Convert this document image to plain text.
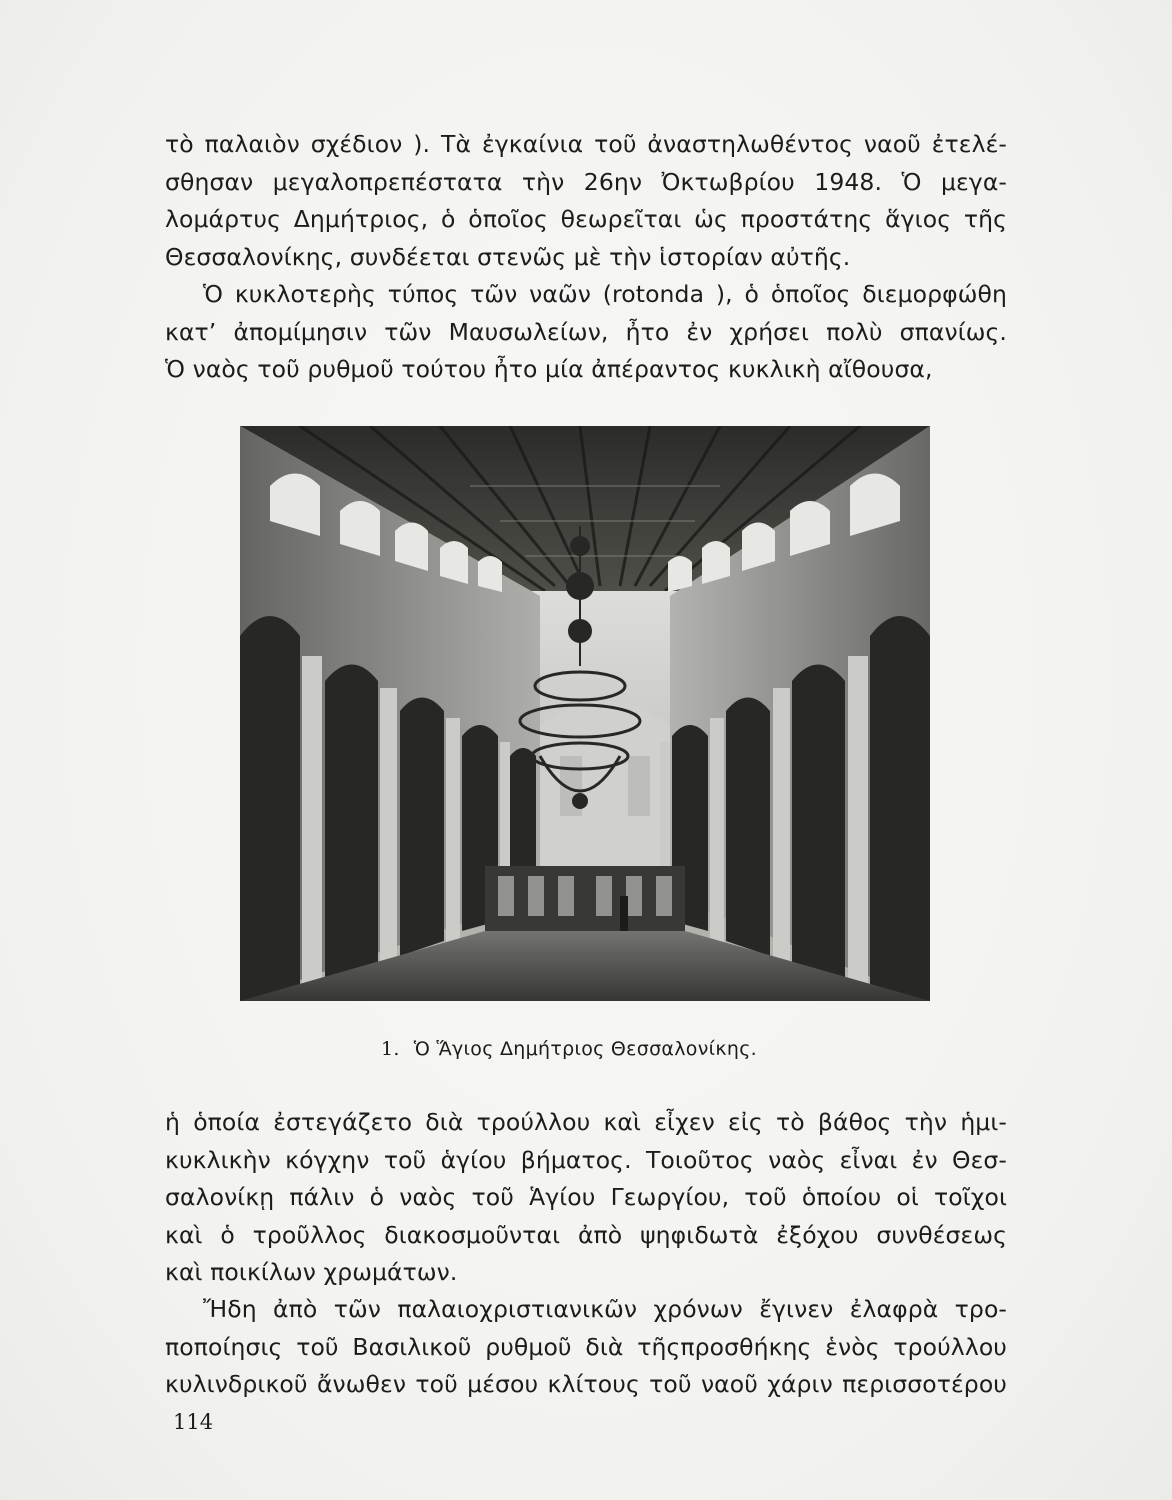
τὸ παλαιὸν σχέδιον ). Τὰ ἐγκαίνια τοῦ ἀναστηλωθέντος ναοῦ ἐτελέ-
σθησαν μεγαλοπρεπέστατα τὴν 26ην Ὀκτωβρίου 1948. Ὁ μεγα-
λομάρτυς Δημήτριος, ὁ ὁποῖος θεωρεῖται ὡς προστάτης ἅγιος τῆς
Θεσσαλονίκης, συνδέεται στενῶς μὲ τὴν ἱστορίαν αὐτῆς.

Ὁ κυκλοτερὴς τύπος τῶν ναῶν (rotonda ), ὁ ὁποῖος διεμορφώθη
κατ’ ἀπομίμησιν τῶν Μαυσωλείων, ἦτο ἐν χρήσει πολὺ σπανίως.
Ὁ ναὸς τοῦ ρυθμοῦ τούτου ἦτο μία ἀπέραντος κυκλικὴ αἴθουσα,

1. Ὁ Ἅγιος Δημήτριος Θεσσαλονίκης.

ἡ ὁποία ἐστεγάζετο διὰ τρούλλου καὶ εἶχεν εἰς τὸ βάθος τὴν ἡμι-
κυκλικὴν κόγχην τοῦ ἁγίου βήματος. Τοιοῦτος ναὸς εἶναι ἐν Θεσ-
σαλονίκῃ πάλιν ὁ ναὸς τοῦ Ἁγίου Γεωργίου, τοῦ ὁποίου οἱ τοῖχοι
καὶ ὁ τροῦλλος διακοσμοῦνται ἀπὸ ψηφιδωτὰ ἐξόχου συνθέσεως
καὶ ποικίλων χρωμάτων.

Ἤδη ἀπὸ τῶν παλαιοχριστιανικῶν χρόνων ἔγινεν ἐλαφρὰ τρο-
ποποίησις τοῦ Βασιλικοῦ ρυθμοῦ διὰ τῆςπροσθήκης ἑνὸς τρούλλου
κυλινδρικοῦ ἄνωθεν τοῦ μέσου κλίτους τοῦ ναοῦ χάριν περισσοτέρου

114
